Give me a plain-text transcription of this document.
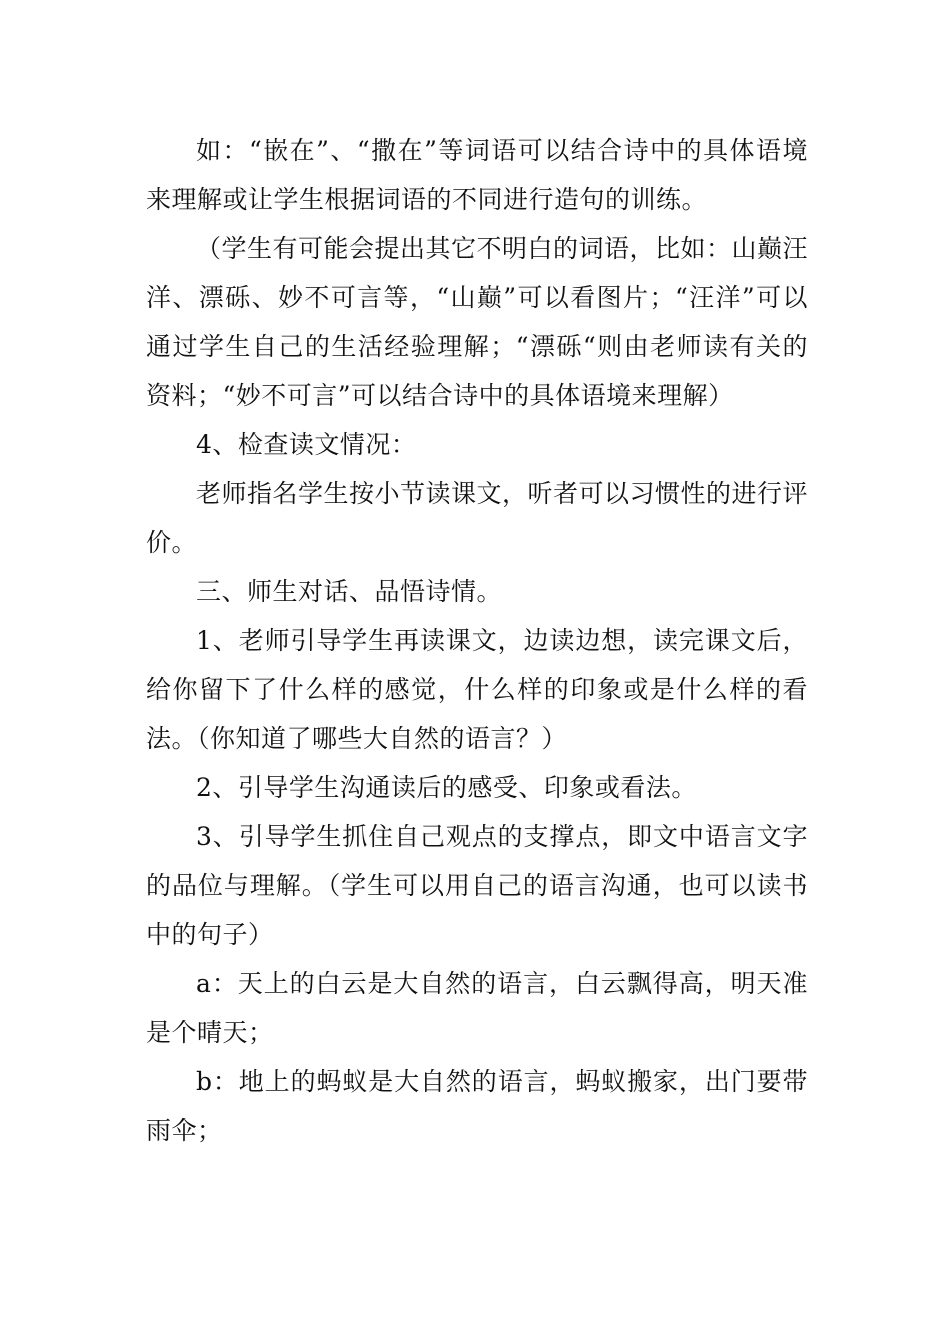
如：“嵌在”、“撒在”等词语可以结合诗中的具体语境来理解或让学生根据词语的不同进行造句的训练。

（学生有可能会提出其它不明白的词语，比如：山巅汪洋、漂砾、妙不可言等，“山巅”可以看图片；“汪洋”可以通过学生自己的生活经验理解；“漂砾“则由老师读有关的资料；“妙不可言”可以结合诗中的具体语境来理解）

4、检查读文情况：

老师指名学生按小节读课文，听者可以习惯性的进行评价。

三、师生对话、品悟诗情。

1、老师引导学生再读课文，边读边想，读完课文后，给你留下了什么样的感觉，什么样的印象或是什么样的看法。（你知道了哪些大自然的语言？）

2、引导学生沟通读后的感受、印象或看法。

3、引导学生抓住自己观点的支撑点，即文中语言文字的品位与理解。（学生可以用自己的语言沟通，也可以读书中的句子）

a：天上的白云是大自然的语言，白云飘得高，明天准是个晴天；

b：地上的蚂蚁是大自然的语言，蚂蚁搬家，出门要带雨伞；
